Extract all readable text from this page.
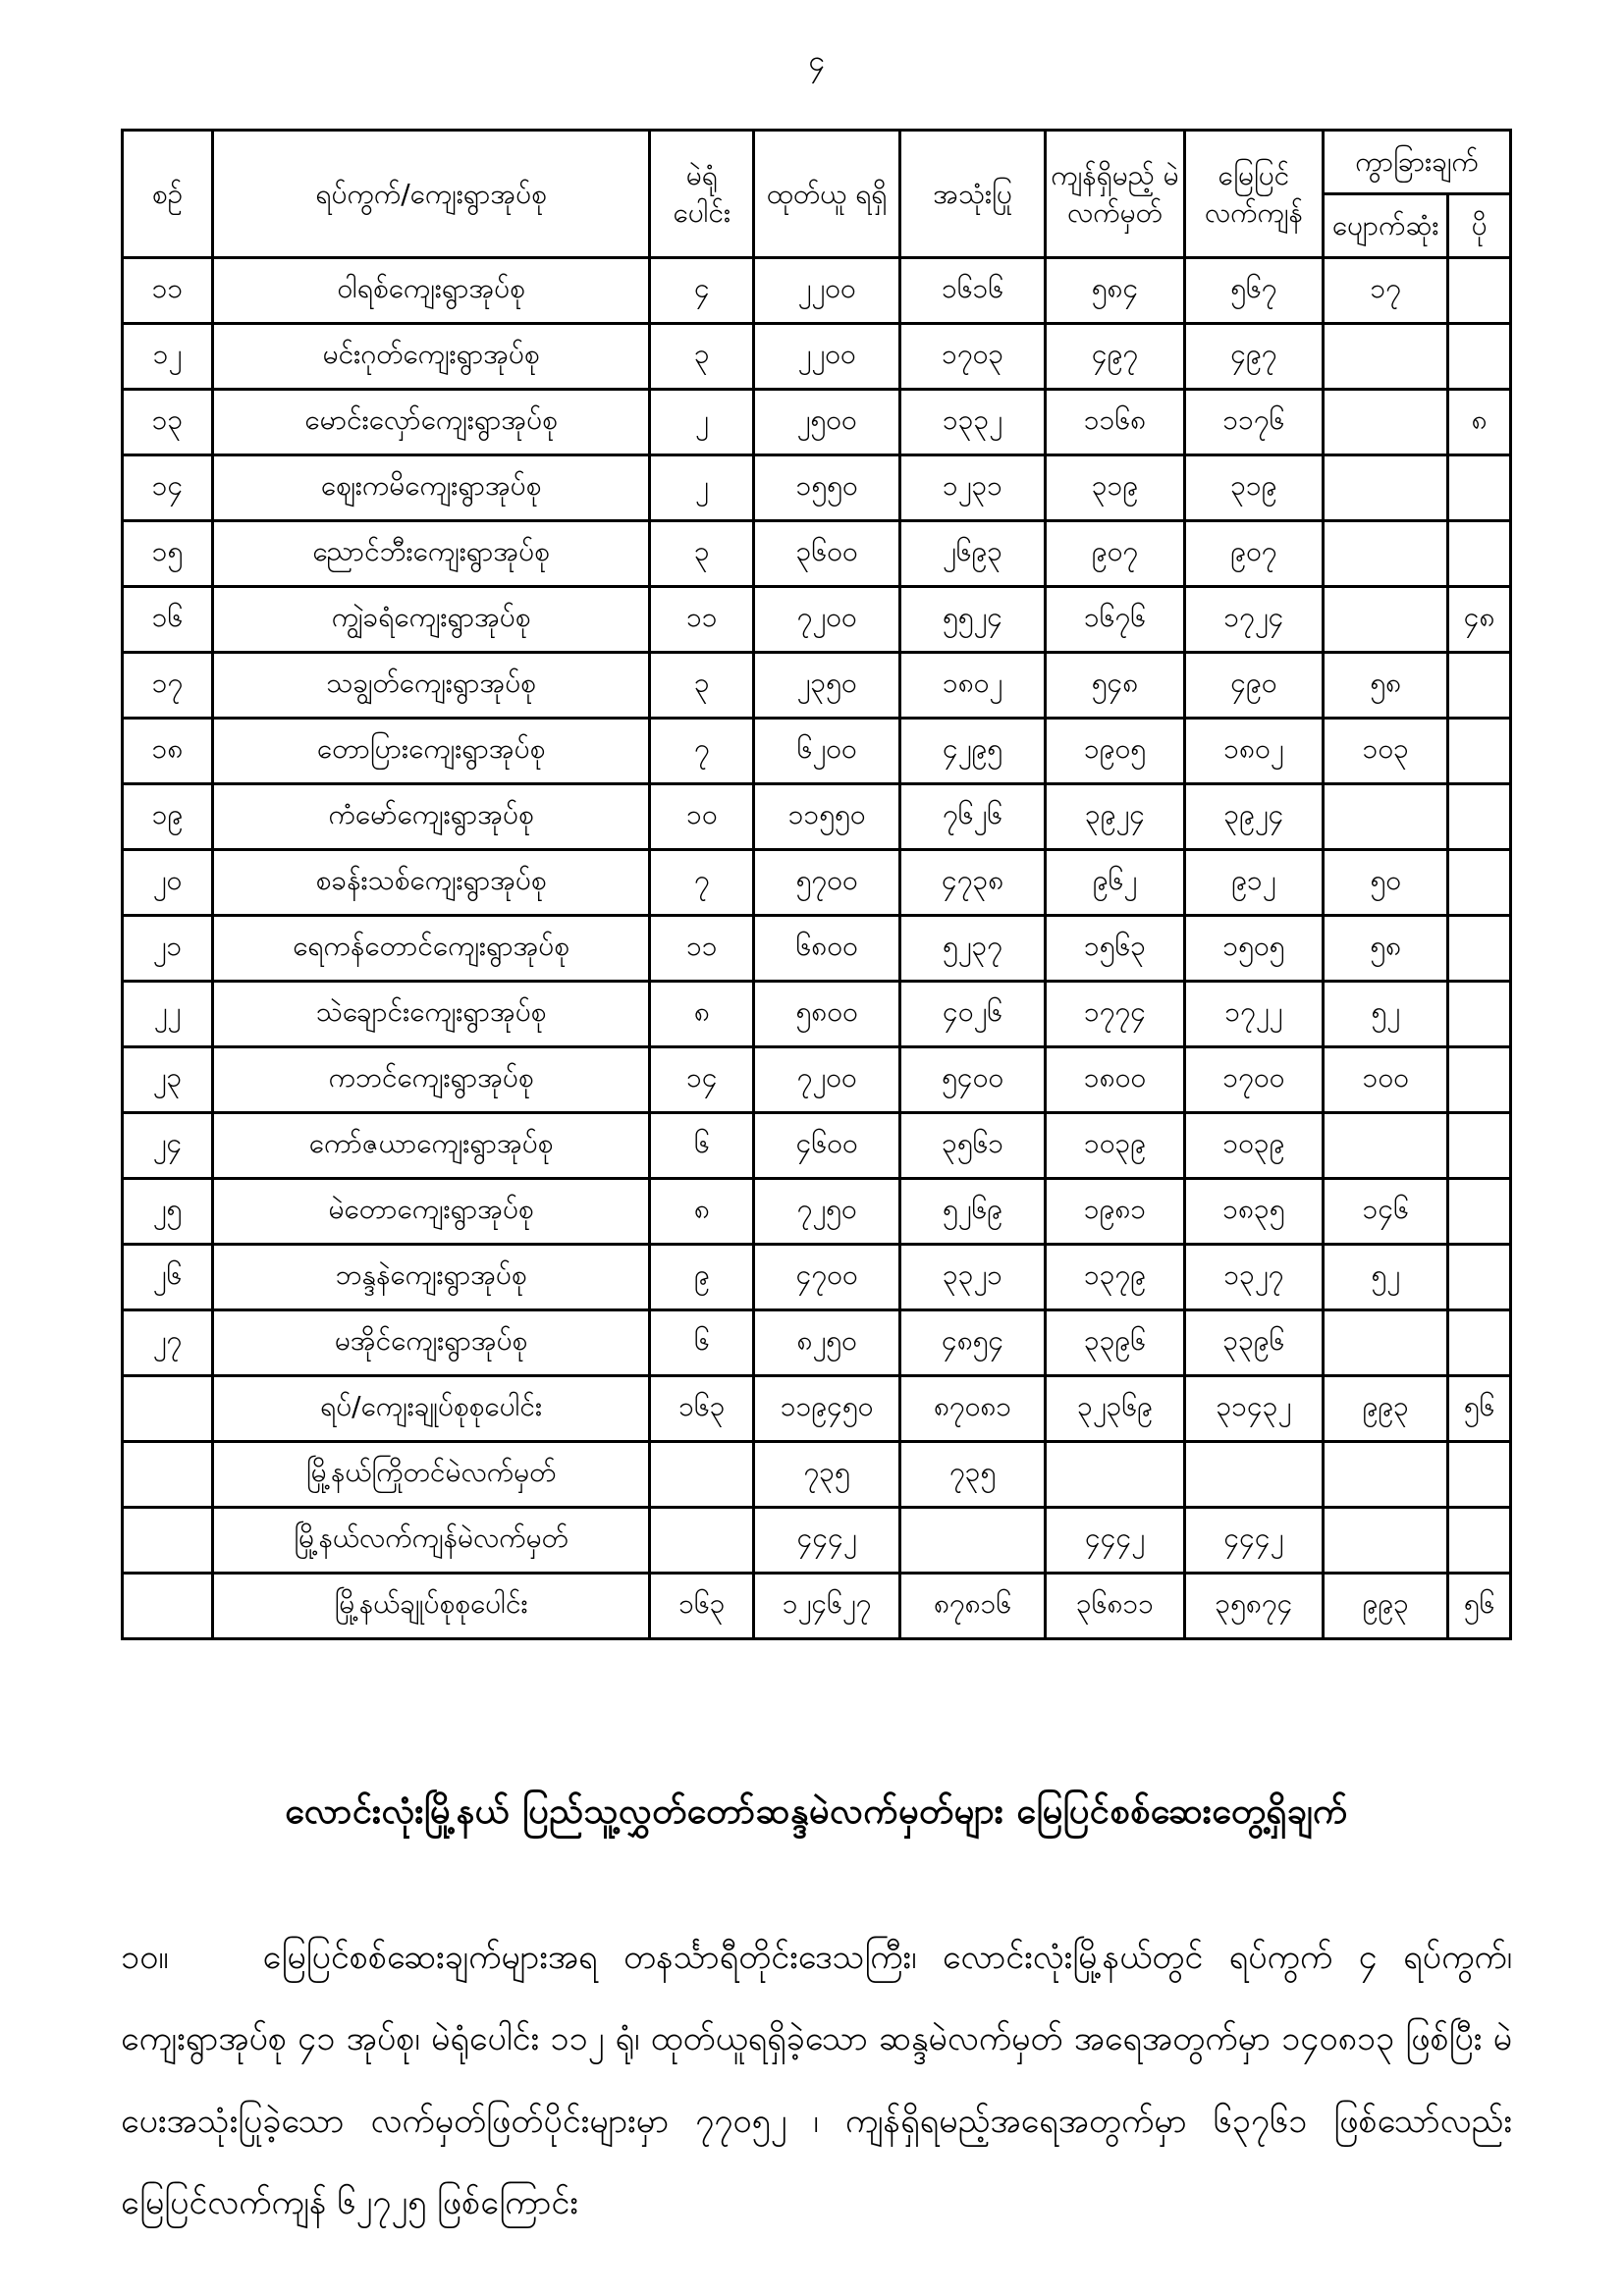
၄
စဉ်	ရပ်ကွက်/ကျေးရွာအုပ်စု	မဲရုံ ပေါင်း	ထုတ်ယူ ရရှိ	အသုံးပြု	ကျန်ရှိမည့် မဲလက်မှတ်	မြေပြင် လက်ကျန်	ကွာခြားချက်	
							ပျောက်ဆုံး	ပို
၁၁	ဝါရစ်ကျေးရွာအုပ်စု	၄	၂၂၀၀	၁၆၁၆	၅၈၄	၅၆၇	၁၇	
၁၂	မင်းဂုတ်ကျေးရွာအုပ်စု	၃	၂၂၀၀	၁၇၀၃	၄၉၇	၄၉၇		
၁၃	မောင်းလှော်ကျေးရွာအုပ်စု	၂	၂၅၀၀	၁၃၃၂	၁၁၆၈	၁၁၇၆		၈
၁၄	ဈေးကမိကျေးရွာအုပ်စု	၂	၁၅၅၀	၁၂၃၁	၃၁၉	၃၁၉		
၁၅	ညောင်ဘီးကျေးရွာအုပ်စု	၃	၃၆၀၀	၂၆၉၃	၉၀၇	၉၀၇		
၁၆	ကျွဲခရံကျေးရွာအုပ်စု	၁၁	၇၂၀၀	၅၅၂၄	၁၆၇၆	၁၇၂၄		၄၈
၁၇	သချွတ်ကျေးရွာအုပ်စု	၃	၂၃၅၀	၁၈၀၂	၅၄၈	၄၉၀	၅၈	
၁၈	တောပြားကျေးရွာအုပ်စု	၇	၆၂၀၀	၄၂၉၅	၁၉၀၅	၁၈၀၂	၁၀၃	
၁၉	ကံမော်ကျေးရွာအုပ်စု	၁၀	၁၁၅၅၀	၇၆၂၆	၃၉၂၄	၃၉၂၄		
၂၀	စခန်းသစ်ကျေးရွာအုပ်စု	၇	၅၇၀၀	၄၇၃၈	၉၆၂	၉၁၂	၅၀	
၂၁	ရေကန်တောင်ကျေးရွာအုပ်စု	၁၁	၆၈၀၀	၅၂၃၇	၁၅၆၃	၁၅၀၅	၅၈	
၂၂	သဲချောင်းကျေးရွာအုပ်စု	၈	၅၈၀၀	၄၀၂၆	၁၇၇၄	၁၇၂၂	၅၂	
၂၃	ကဘင်ကျေးရွာအုပ်စု	၁၄	၇၂၀၀	၅၄၀၀	၁၈၀၀	၁၇၀၀	၁၀၀	
၂၄	ကော်ဇယာကျေးရွာအုပ်စု	၆	၄၆၀၀	၃၅၆၁	၁၀၃၉	၁၀၃၉		
၂၅	မဲတောကျေးရွာအုပ်စု	၈	၇၂၅၀	၅၂၆၉	၁၉၈၁	၁၈၃၅	၁၄၆	
၂၆	ဘန္ဒနဲကျေးရွာအုပ်စု	၉	၄၇၀၀	၃၃၂၁	၁၃၇၉	၁၃၂၇	၅၂	
၂၇	မအိုင်ကျေးရွာအုပ်စု	၆	၈၂၅၀	၄၈၅၄	၃၃၉၆	၃၃၉၆		
	ရပ်/ကျေးချုပ်စုစုပေါင်း	၁၆၃	၁၁၉၄၅၀	၈၇၀၈၁	၃၂၃၆၉	၃၁၄၃၂	၉၉၃	၅၆
	မြို့နယ်ကြိုတင်မဲလက်မှတ်		၇၃၅	၇၃၅				
	မြို့နယ်လက်ကျန်မဲလက်မှတ်		၄၄၄၂		၄၄၄၂	၄၄၄၂		
	မြို့နယ်ချုပ်စုစုပေါင်း	၁၆၃	၁၂၄၆၂၇	၈၇၈၁၆	၃၆၈၁၁	၃၅၈၇၄	၉၉၃	၅၆
လောင်းလုံးမြို့နယ် ပြည်သူ့လွှတ်တော်ဆန္ဒမဲလက်မှတ်များ မြေပြင်စစ်ဆေးတွေ့ရှိချက်
၁၀။	မြေပြင်စစ်ဆေးချက်များအရ တနင်္သာရီတိုင်းဒေသကြီး၊ လောင်းလုံးမြို့နယ်တွင် ရပ်ကွက် ၄ ရပ်ကွက်၊ ကျေးရွာအုပ်စု ၄၁ အုပ်စု၊ မဲရုံပေါင်း ၁၁၂ ရုံ၊ ထုတ်ယူရရှိခဲ့သော ဆန္ဒမဲလက်မှတ် အရေအတွက်မှာ ၁၄၀၈၁၃ ဖြစ်ပြီး မဲပေးအသုံးပြုခဲ့သော လက်မှတ်ဖြတ်ပိုင်းများမှာ ၇၇၀၅၂ ၊ ကျန်ရှိရမည့်အရေအတွက်မှာ ၆၃၇၆၁ ဖြစ်သော်လည်း မြေပြင်လက်ကျန် ၆၂၇၂၅ ဖြစ်ကြောင်း
